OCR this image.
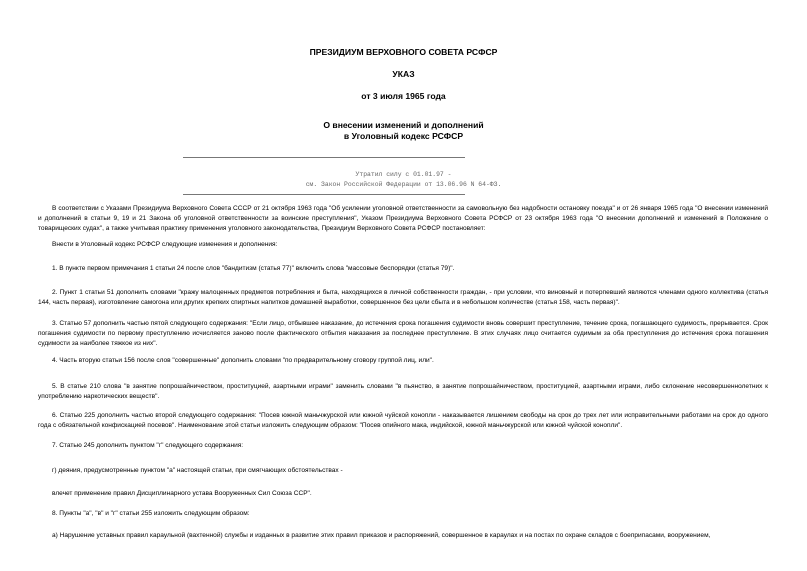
ПРЕЗИДИУМ ВЕРХОВНОГО СОВЕТА РСФСР
УКАЗ
от 3 июля 1965 года
О внесении изменений и дополнений
в Уголовный кодекс РСФСР
Утратил силу с 01.01.97 -
см. Закон Российской Федерации от 13.06.96 N 64-ФЗ.

В соответствии с Указами Президиума Верховного Совета СССР от 21 октября 1963 года "Об усилении уголовной ответственности за самовольную без надобности остановку поезда" и от 26 января 1965 года "О внесении изменений и дополнений в статьи 9, 19 и 21 Закона об уголовной ответственности за воинские преступления", Указом Президиума Верховного Совета РСФСР от 23 октября 1963 года "О внесении дополнений и изменений в Положение о товарищеских судах", а также учитывая практику применения уголовного законодательства, Президиум Верховного Совета РСФСР постановляет:

Внести в Уголовный кодекс РСФСР следующие изменения и дополнения:

1. В пункте первом примечания 1 статьи 24 после слов "бандитизм (статья 77)" включить слова "массовые беспорядки (статья 79)".

2. Пункт 1 статьи 51 дополнить словами "кражу малоценных предметов потребления и быта, находящихся в личной собственности граждан, - при условии, что виновный и потерпевший являются членами одного коллектива (статья 144, часть первая), изготовление самогона или других крепких спиртных напитков домашней выработки, совершенное без цели сбыта и в небольшом количестве (статья 158, часть первая)".

3. Статью 57 дополнить частью пятой следующего содержания: "Если лицо, отбывшее наказание, до истечения срока погашения судимости вновь совершит преступление, течение срока, погашающего судимость, прерывается. Срок погашения судимости по первому преступлению исчисляется заново после фактического отбытия наказания за последнее преступление. В этих случаях лицо считается судимым за оба преступления до истечения срока погашения судимости за наиболее тяжкое из них".

4. Часть вторую статьи 156 после слов "совершенные" дополнить словами "по предварительному сговору группой лиц, или".

5. В статье 210 слова "в занятие попрошайничеством, проституцией, азартными играми" заменить словами "в пьянство, в занятие попрошайничеством, проституцией, азартными играми, либо склонение несовершеннолетних к употреблению наркотических веществ".

6. Статью 225 дополнить частью второй следующего содержания: "Посев южной маньчжурской или южной чуйской конопли - наказывается лишением свободы на срок до трех лет или исправительными работами на срок до одного года с обязательной конфискацией посевов". Наименование этой статьи изложить следующим образом: "Посев опийного мака, индийской, южной маньчжурской или южной чуйской конопли".

7. Статью 245 дополнить пунктом "г" следующего содержания:

г) деяния, предусмотренные пунктом "а" настоящей статьи, при смягчающих обстоятельствах -

влечет применение правил Дисциплинарного устава Вооруженных Сил Союза ССР".

8. Пункты "а", "в" и "г" статьи 255 изложить следующим образом:

а) Нарушение уставных правил караульной (вахтенной) службы и изданных в развитие этих правил приказов и распоряжений, совершенное в караулах и на постах по охране складов с боеприпасами, вооружением,
